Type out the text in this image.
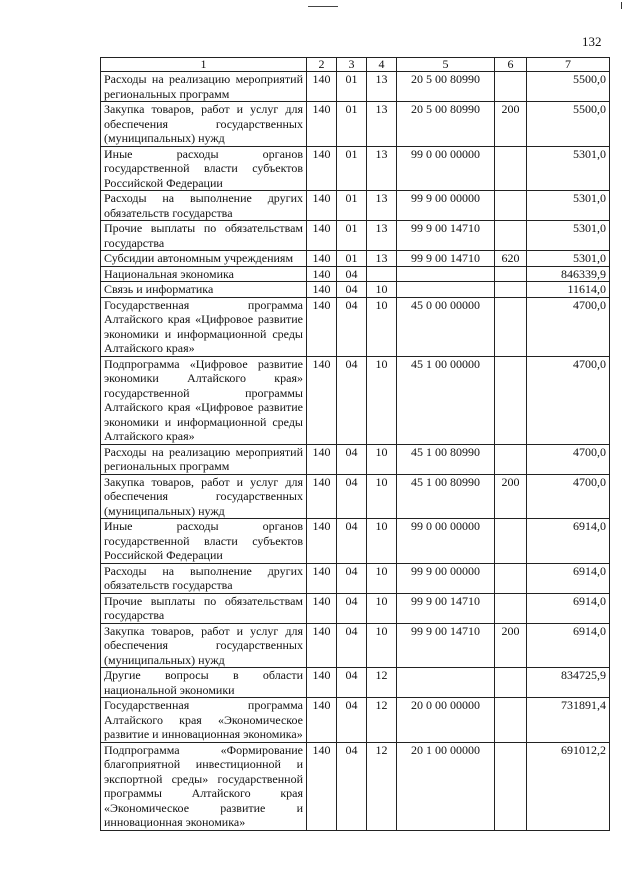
132
1	2	3	4	5	6	7
Расходы на реализацию мероприятий региональных программ	140	01	13	20 5 00 80990		5500,0
Закупка товаров, работ и услуг для обеспечения государственных (муниципальных) нужд	140	01	13	20 5 00 80990	200	5500,0
Иные расходы органов государственной власти субъектов Российской Федерации	140	01	13	99 0 00 00000		5301,0
Расходы на выполнение других обязательств государства	140	01	13	99 9 00 00000		5301,0
Прочие выплаты по обязательствам государства	140	01	13	99 9 00 14710		5301,0
Субсидии автономным учреждениям	140	01	13	99 9 00 14710	620	5301,0
Национальная экономика	140	04				846339,9
Связь и информатика	140	04	10			11614,0
Государственная программа Алтайского края «Цифровое развитие экономики и информационной среды Алтайского края»	140	04	10	45 0 00 00000		4700,0
Подпрограмма «Цифровое развитие экономики Алтайского края» государственной программы Алтайского края «Цифровое развитие экономики и информационной среды Алтайского края»	140	04	10	45 1 00 00000		4700,0
Расходы на реализацию мероприятий региональных программ	140	04	10	45 1 00 80990		4700,0
Закупка товаров, работ и услуг для обеспечения государственных (муниципальных) нужд	140	04	10	45 1 00 80990	200	4700,0
Иные расходы органов государственной власти субъектов Российской Федерации	140	04	10	99 0 00 00000		6914,0
Расходы на выполнение других обязательств государства	140	04	10	99 9 00 00000		6914,0
Прочие выплаты по обязательствам государства	140	04	10	99 9 00 14710		6914,0
Закупка товаров, работ и услуг для обеспечения государственных (муниципальных) нужд	140	04	10	99 9 00 14710	200	6914,0
Другие вопросы в области национальной экономики	140	04	12			834725,9
Государственная программа Алтайского края «Экономическое развитие и инновационная экономика»	140	04	12	20 0 00 00000		731891,4
Подпрограмма «Формирование благоприятной инвестиционной и экспортной среды» государственной программы Алтайского края «Экономическое развитие и инновационная экономика»	140	04	12	20 1 00 00000		691012,2
